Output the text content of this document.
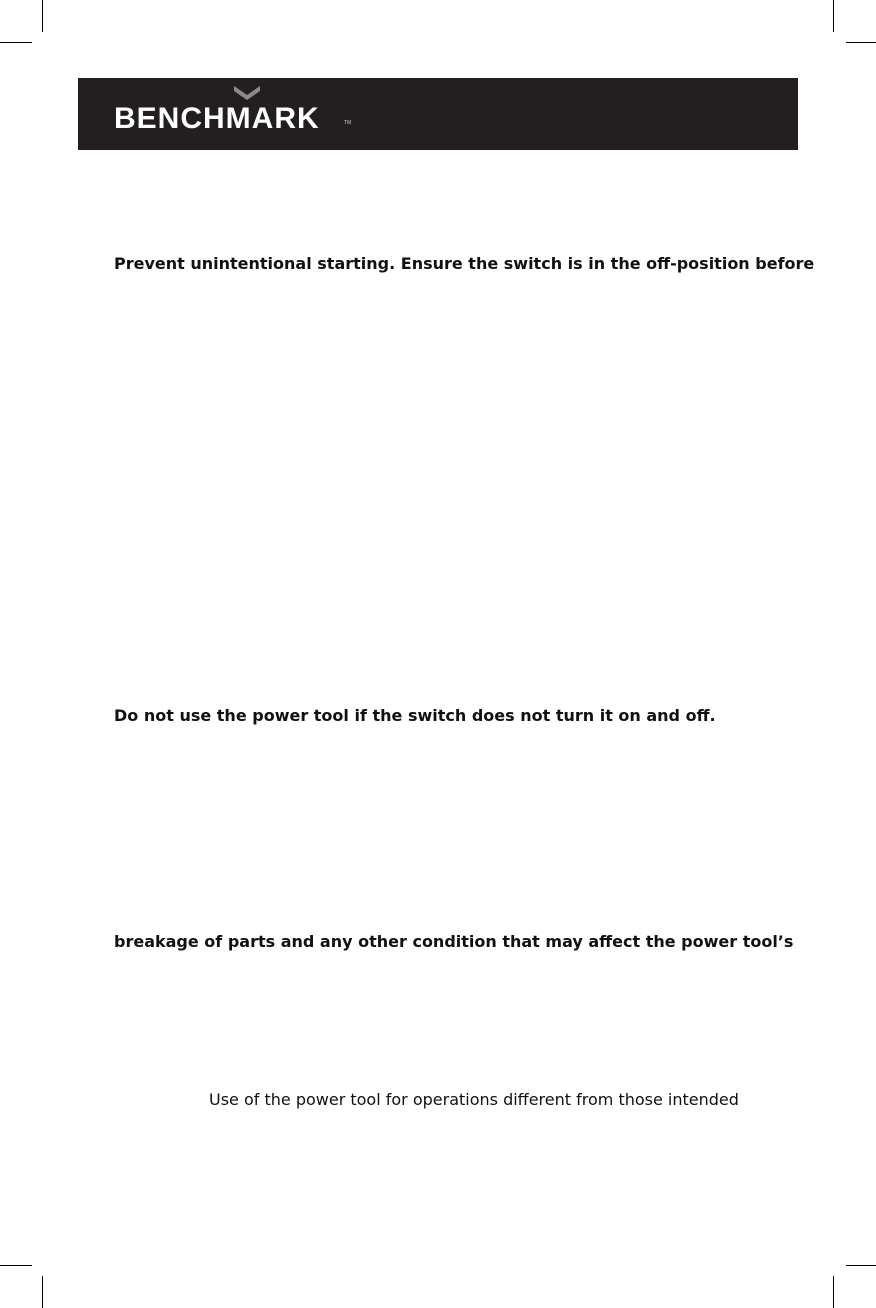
BENCHMARK	TM
Prevent unintentional starting. Ensure the switch is in the off-position before
Do not use the power tool if the switch does not turn it on and off.
breakage of parts and any other condition that may affect the power tool’s
Use of the power tool for operations different from those intended
